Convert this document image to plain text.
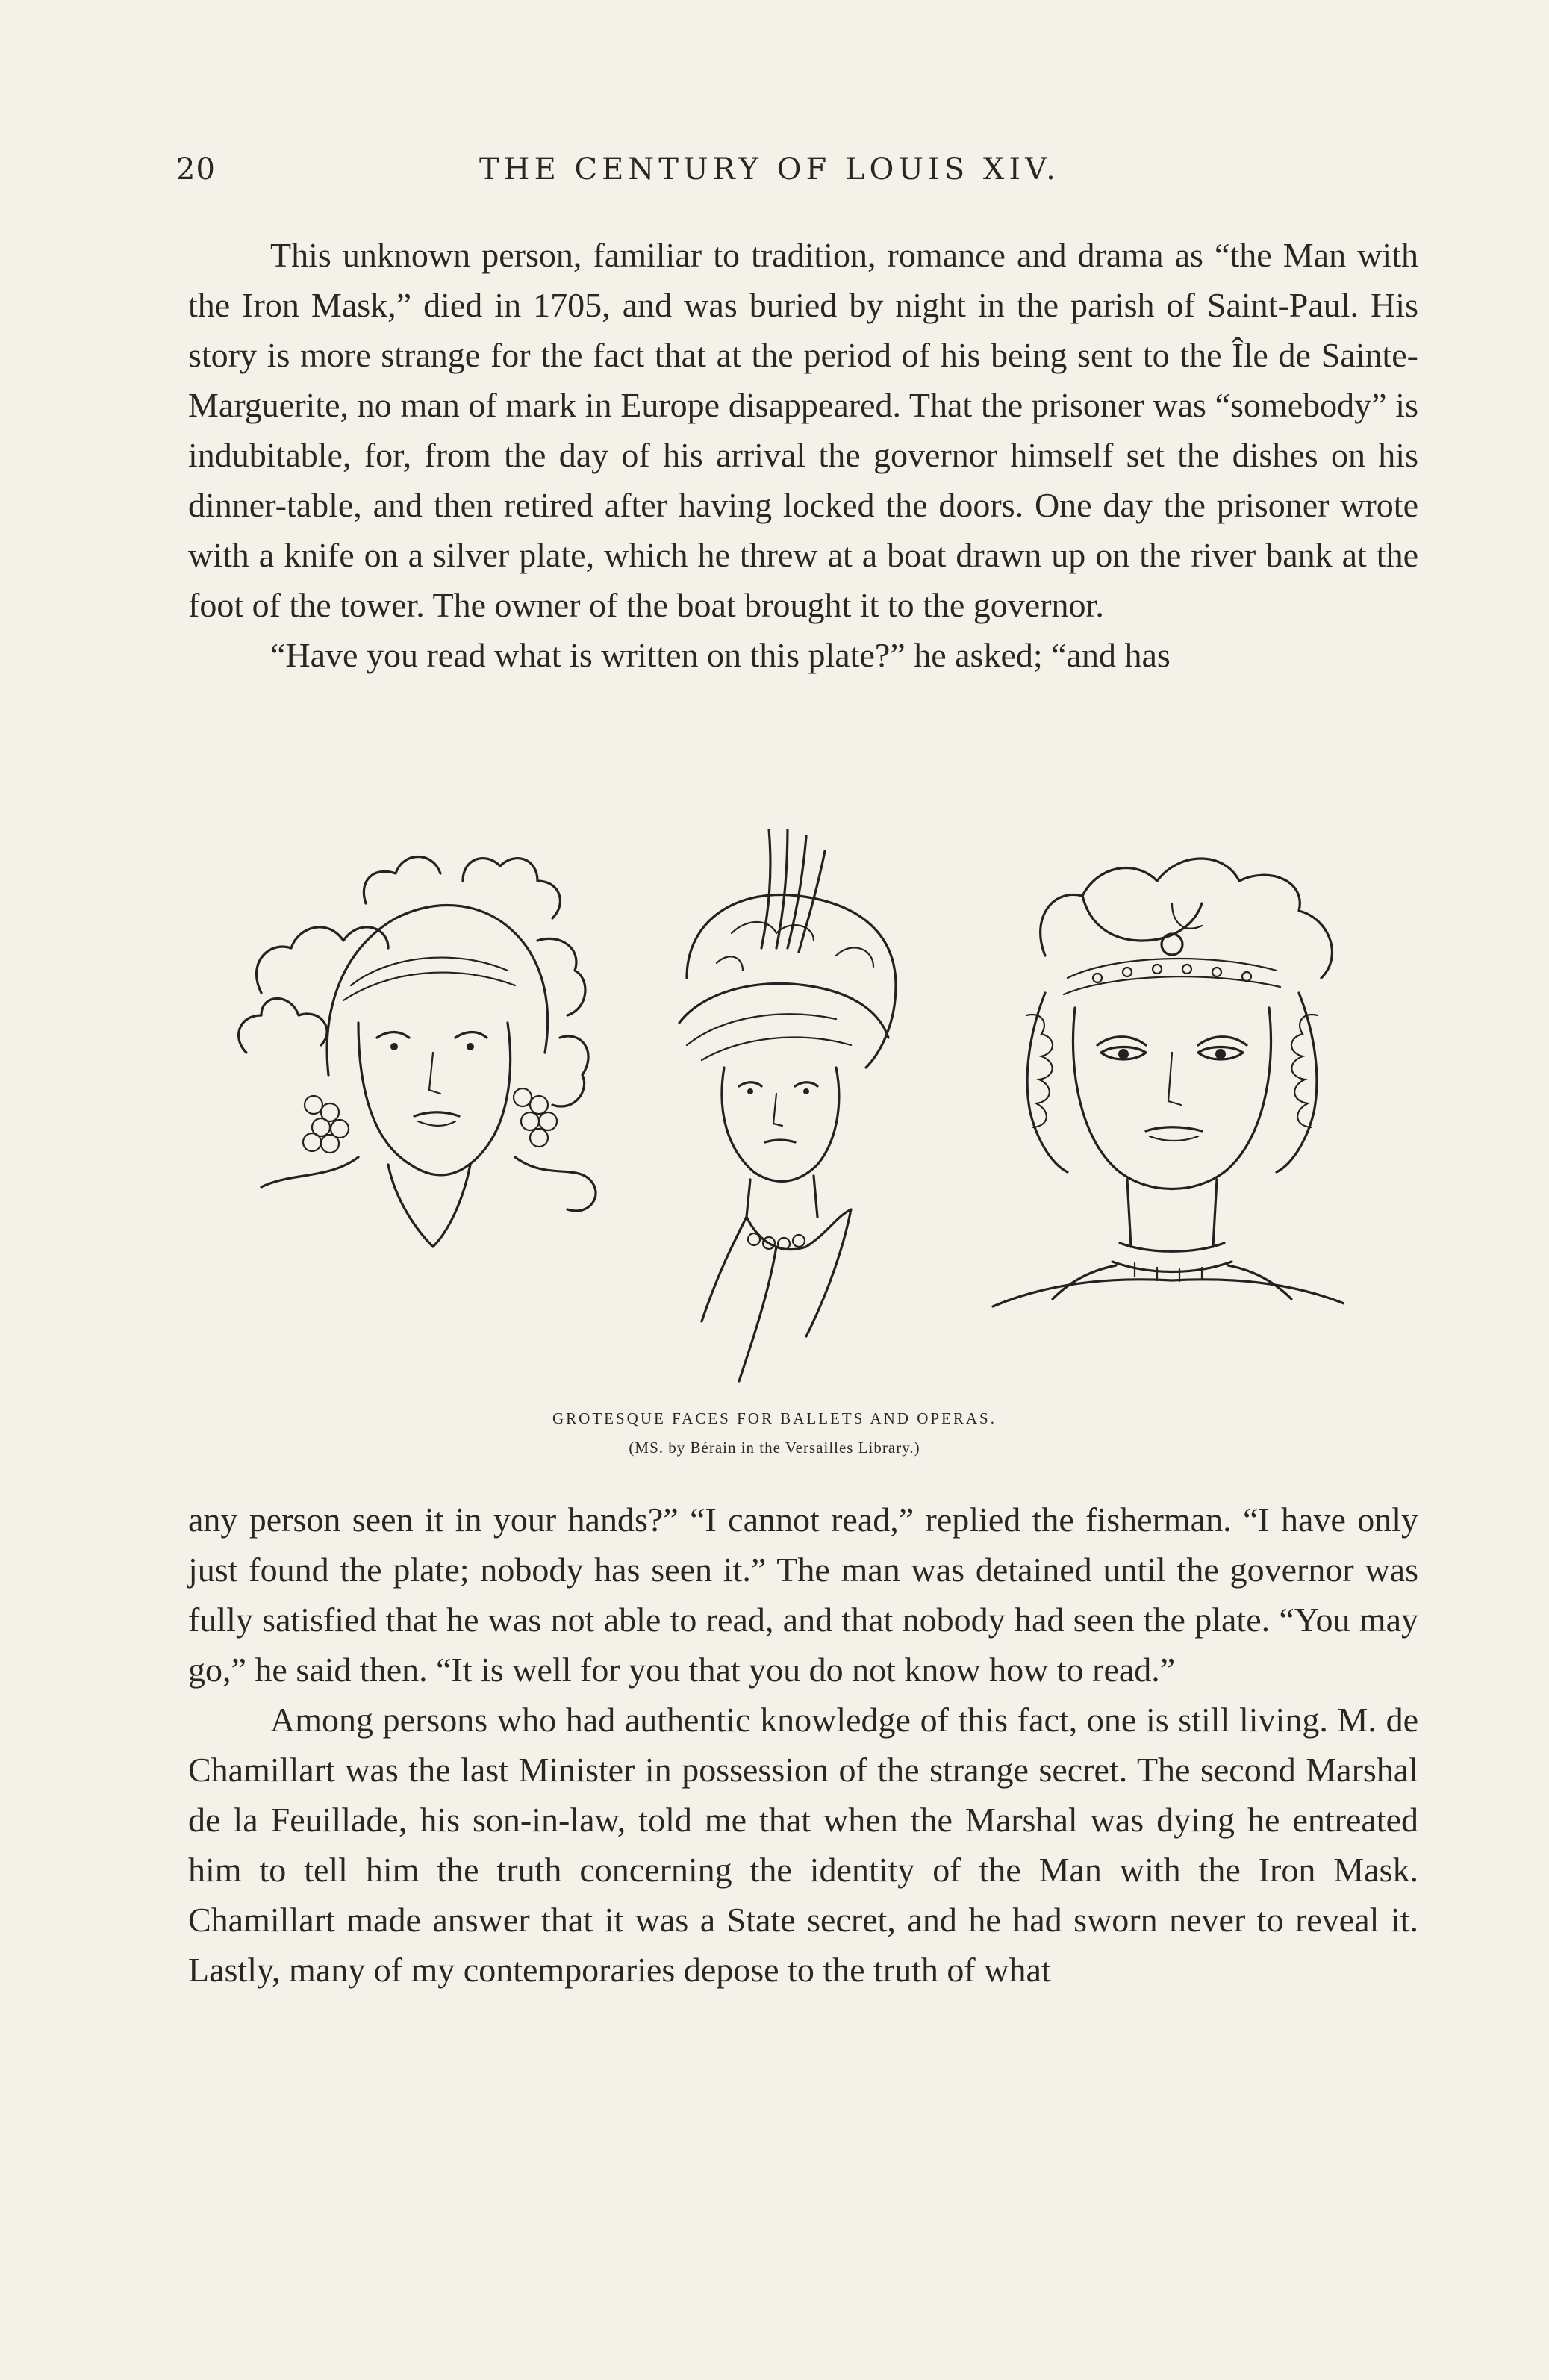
20	THE CENTURY OF LOUIS XIV.

This unknown person, familiar to tradition, romance and drama as “the Man with the Iron Mask,” died in 1705, and was buried by night in the parish of Saint-Paul. His story is more strange for the fact that at the period of his being sent to the Île de Sainte-Marguerite, no man of mark in Europe disappeared. That the prisoner was “somebody” is indubitable, for, from the day of his arrival the governor himself set the dishes on his dinner-table, and then retired after having locked the doors. One day the prisoner wrote with a knife on a silver plate, which he threw at a boat drawn up on the river bank at the foot of the tower. The owner of the boat brought it to the governor.

“Have you read what is written on this plate?” he asked; “and has

GROTESQUE FACES FOR BALLETS AND OPERAS.
(MS. by Bérain in the Versailles Library.)

any person seen it in your hands?” “I cannot read,” replied the fisherman. “I have only just found the plate; nobody has seen it.” The man was detained until the governor was fully satisfied that he was not able to read, and that nobody had seen the plate. “You may go,” he said then. “It is well for you that you do not know how to read.”

Among persons who had authentic knowledge of this fact, one is still living. M. de Chamillart was the last Minister in possession of the strange secret. The second Marshal de la Feuillade, his son-in-law, told me that when the Marshal was dying he entreated him to tell him the truth concerning the identity of the Man with the Iron Mask. Chamillart made answer that it was a State secret, and he had sworn never to reveal it. Lastly, many of my contemporaries depose to the truth of what
